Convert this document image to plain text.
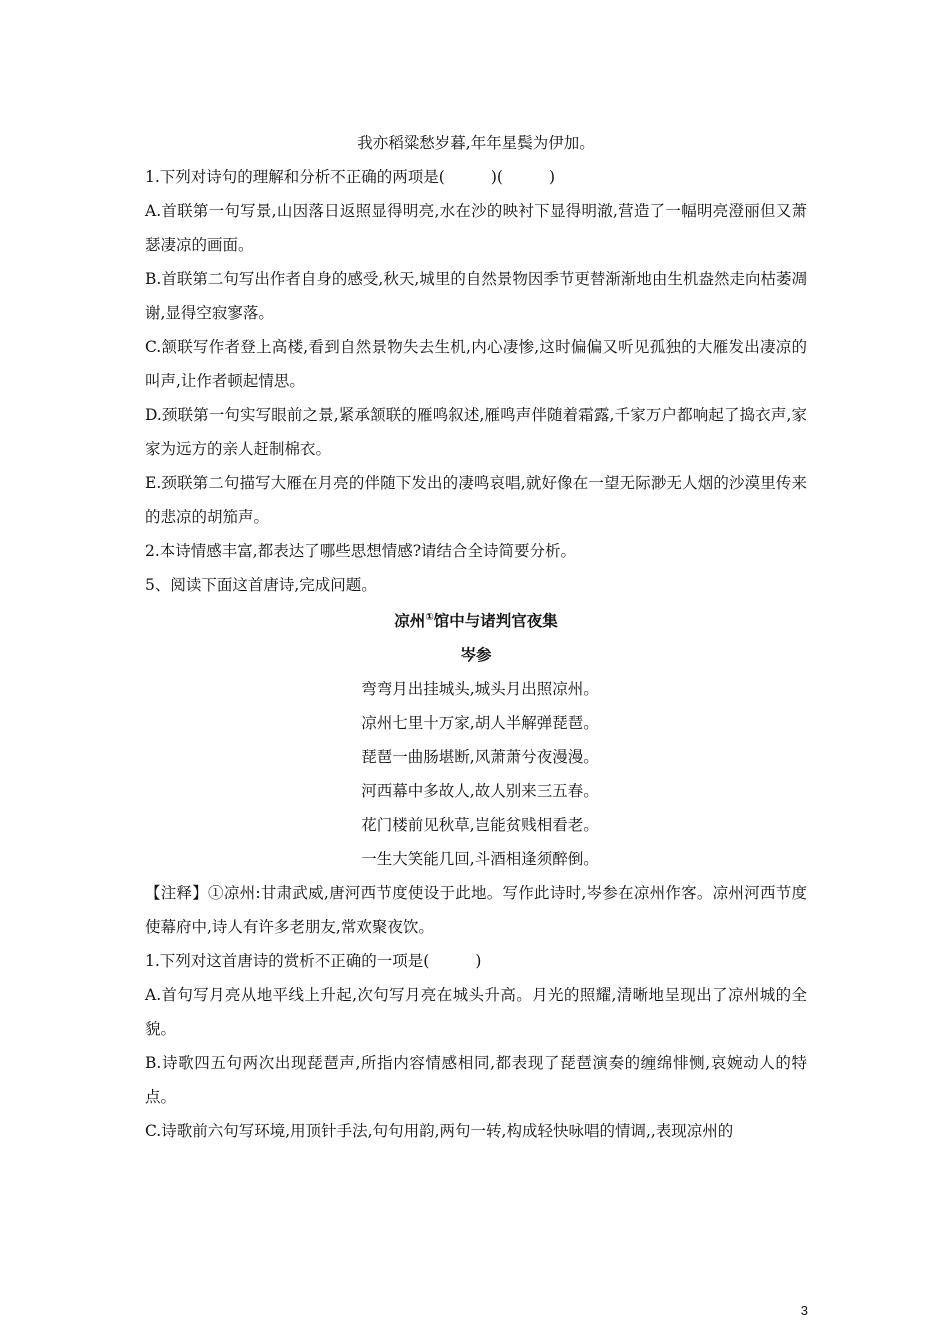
我亦稻粱愁岁暮,年年星鬓为伊加。
1.下列对诗句的理解和分析不正确的两项是(	)(	)
A.首联第一句写景,山因落日返照显得明亮,水在沙的映衬下显得明澈,营造了一幅明亮澄丽但又萧瑟凄凉的画面。
B.首联第二句写出作者自身的感受,秋天,城里的自然景物因季节更替渐渐地由生机盎然走向枯萎凋谢,显得空寂寥落。
C.颔联写作者登上高楼,看到自然景物失去生机,内心凄惨,这时偏偏又听见孤独的大雁发出凄凉的叫声,让作者顿起情思。
D.颈联第一句实写眼前之景,紧承颔联的雁鸣叙述,雁鸣声伴随着霜露,千家万户都响起了捣衣声,家家为远方的亲人赶制棉衣。
E.颈联第二句描写大雁在月亮的伴随下发出的凄鸣哀唱,就好像在一望无际渺无人烟的沙漠里传来的悲凉的胡笳声。
2.本诗情感丰富,都表达了哪些思想情感?请结合全诗简要分析。
5、阅读下面这首唐诗,完成问题。
凉州①馆中与诸判官夜集
岑参
弯弯月出挂城头,城头月出照凉州。
凉州七里十万家,胡人半解弹琵琶。
琵琶一曲肠堪断,风萧萧兮夜漫漫。
河西幕中多故人,故人别来三五春。
花门楼前见秋草,岂能贫贱相看老。
一生大笑能几回,斗酒相逢须醉倒。
【注释】①凉州:甘肃武威,唐河西节度使设于此地。写作此诗时,岑参在凉州作客。凉州河西节度使幕府中,诗人有许多老朋友,常欢聚夜饮。
1.下列对这首唐诗的赏析不正确的一项是(	)
A.首句写月亮从地平线上升起,次句写月亮在城头升高。月光的照耀,清晰地呈现出了凉州城的全貌。
B.诗歌四五句两次出现琵琶声,所指内容情感相同,都表现了琵琶演奏的缠绵悱恻,哀婉动人的特点。
C.诗歌前六句写环境,用顶针手法,句句用韵,两句一转,构成轻快咏唱的情调,,表现凉州的
3
